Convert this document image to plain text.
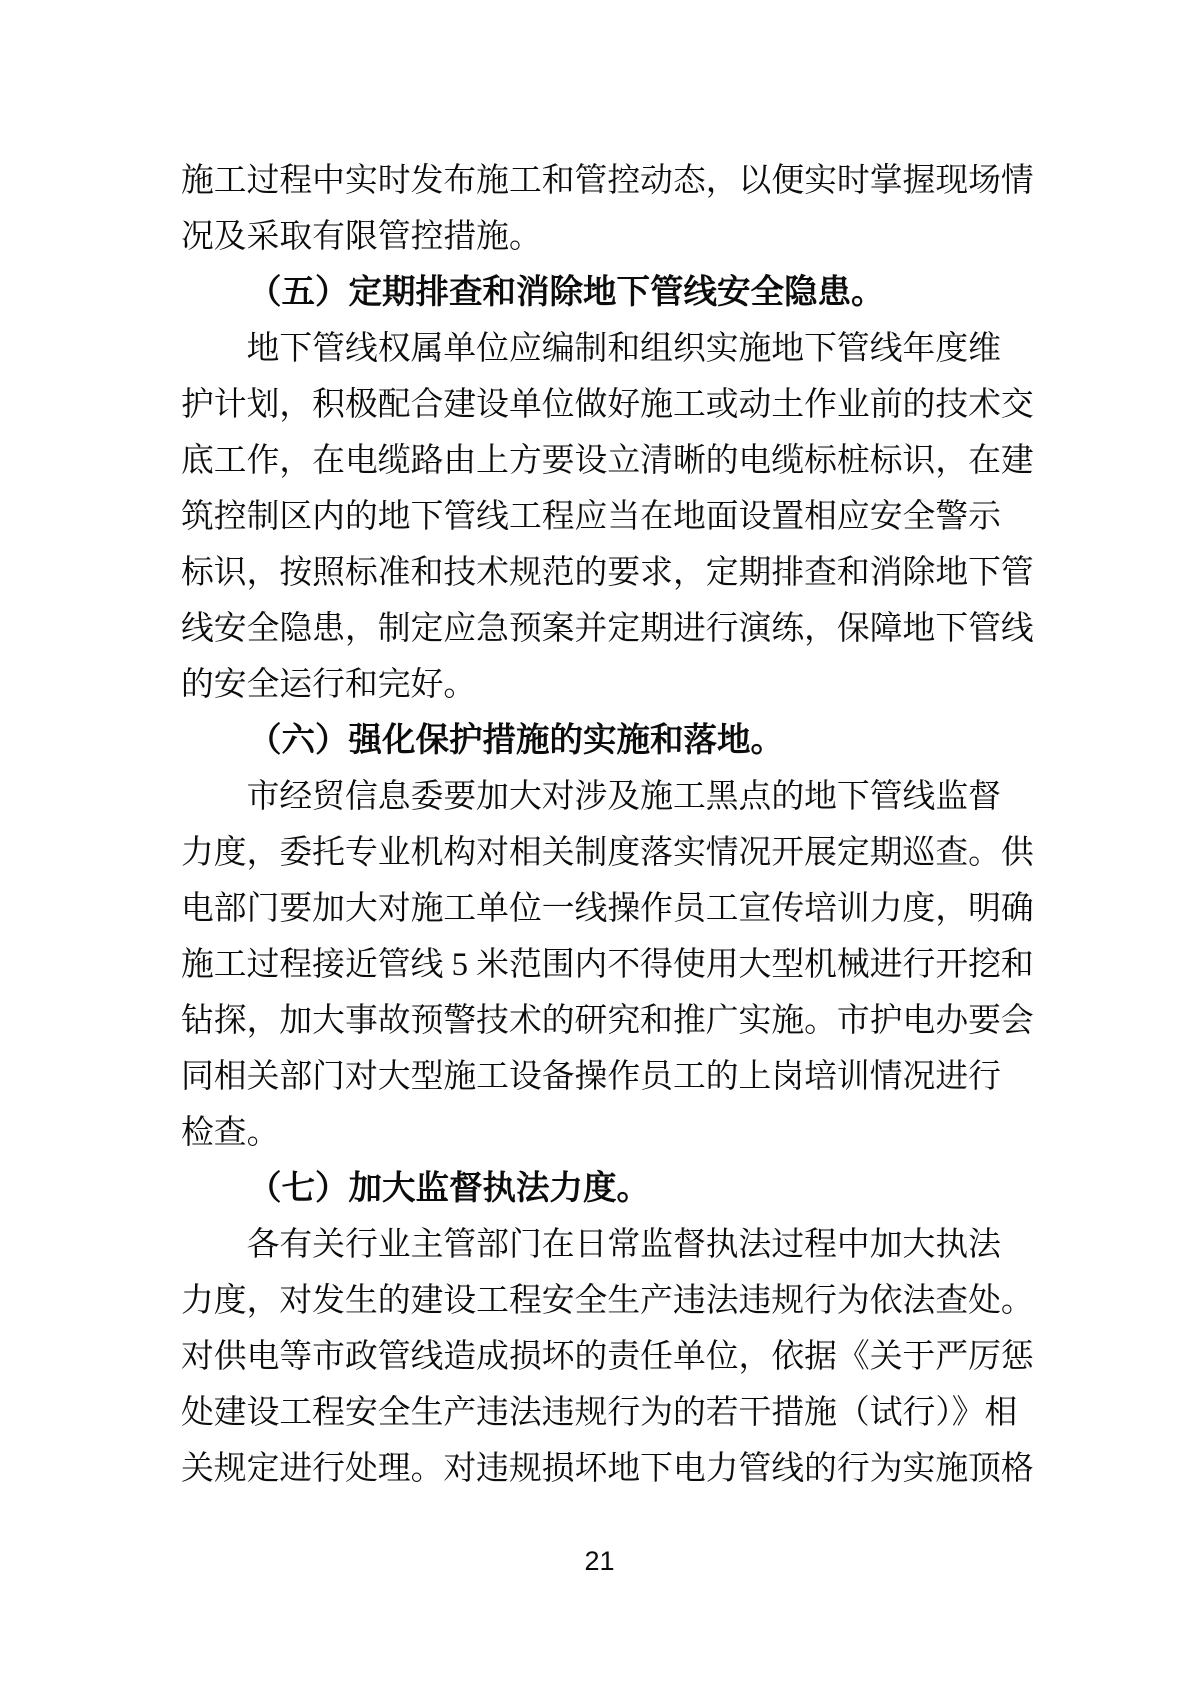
施工过程中实时发布施工和管控动态，以便实时掌握现场情
况及采取有限管控措施。
（五）定期排查和消除地下管线安全隐患。
地下管线权属单位应编制和组织实施地下管线年度维
护计划，积极配合建设单位做好施工或动土作业前的技术交
底工作，在电缆路由上方要设立清晰的电缆标桩标识，在建
筑控制区内的地下管线工程应当在地面设置相应安全警示
标识，按照标准和技术规范的要求，定期排查和消除地下管
线安全隐患，制定应急预案并定期进行演练，保障地下管线
的安全运行和完好。
（六）强化保护措施的实施和落地。
市经贸信息委要加大对涉及施工黑点的地下管线监督
力度，委托专业机构对相关制度落实情况开展定期巡查。供
电部门要加大对施工单位一线操作员工宣传培训力度，明确
施工过程接近管线 5 米范围内不得使用大型机械进行开挖和
钻探，加大事故预警技术的研究和推广实施。市护电办要会
同相关部门对大型施工设备操作员工的上岗培训情况进行
检查。
（七）加大监督执法力度。
各有关行业主管部门在日常监督执法过程中加大执法
力度，对发生的建设工程安全生产违法违规行为依法查处。
对供电等市政管线造成损坏的责任单位，依据《关于严厉惩
处建设工程安全生产违法违规行为的若干措施（试行）》相
关规定进行处理。对违规损坏地下电力管线的行为实施顶格
21
